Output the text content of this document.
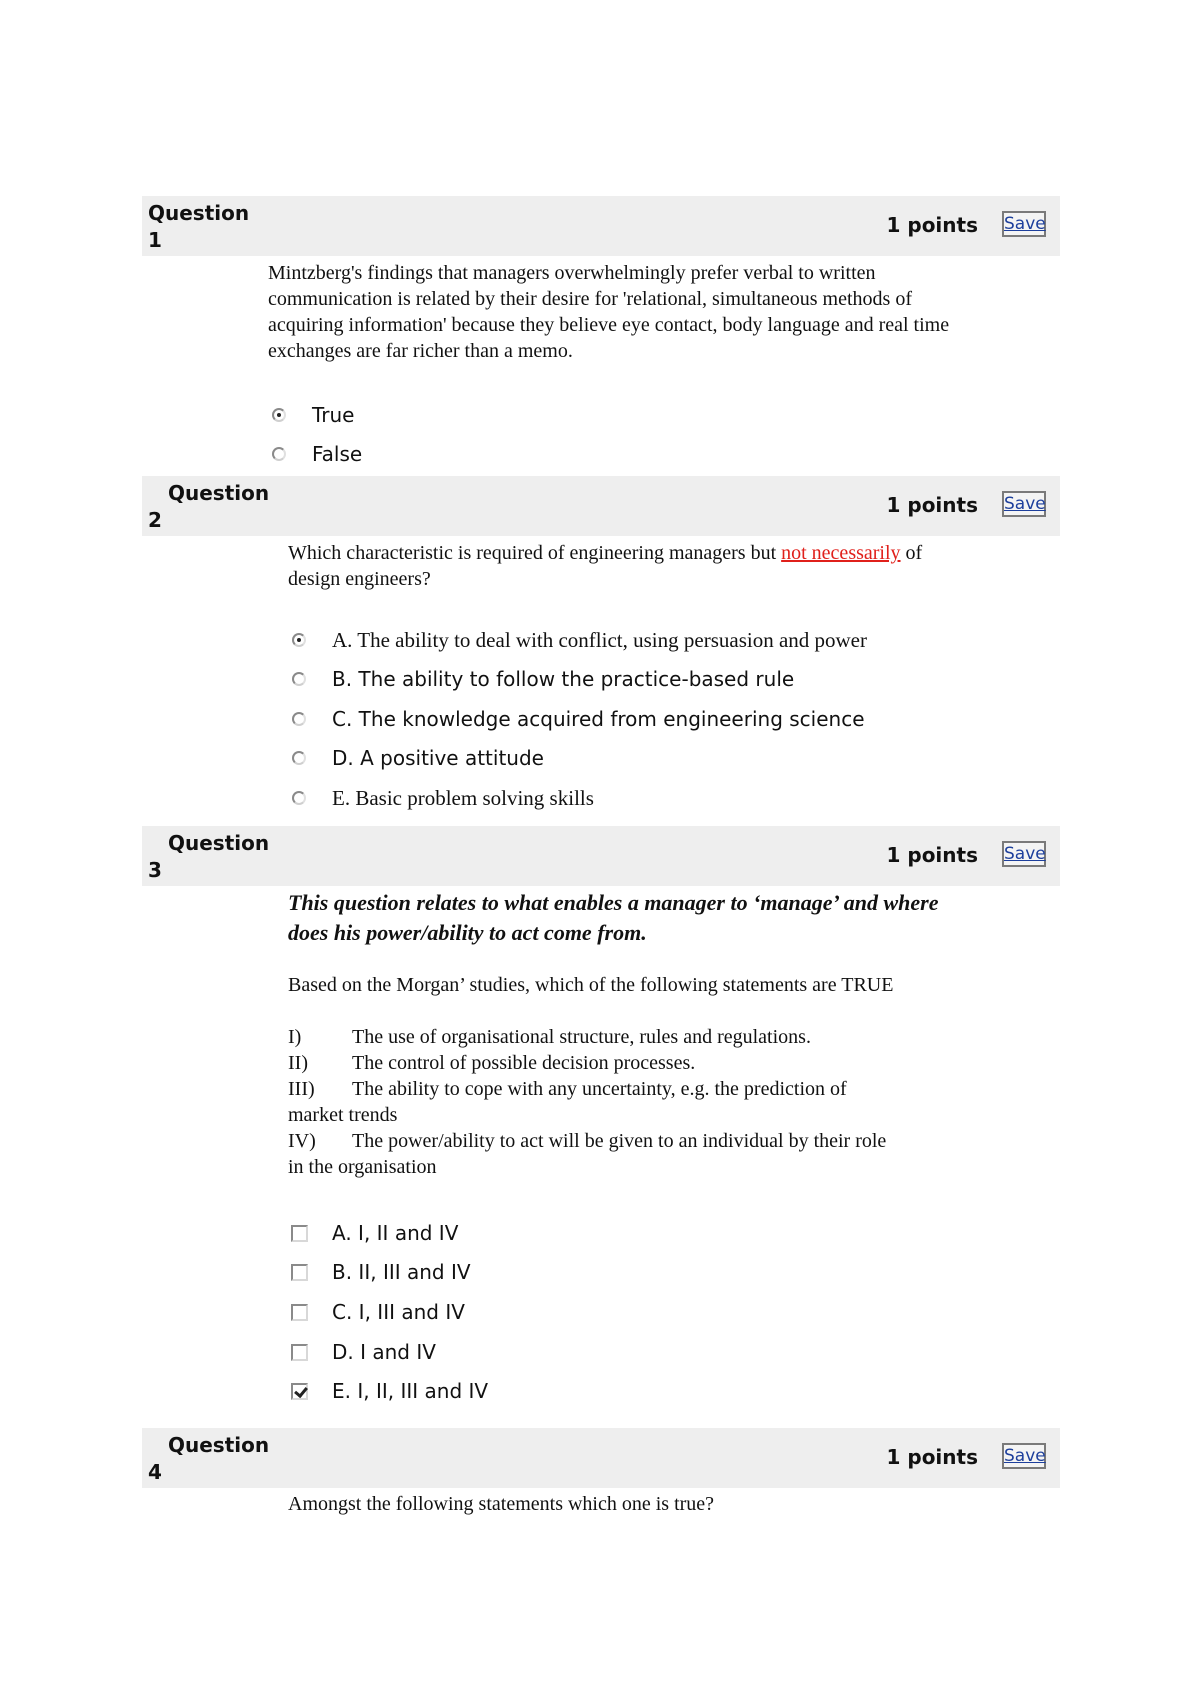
Question
1
1 points Save
Mintzberg's findings that managers overwhelmingly prefer verbal to written communication is related by their desire for 'relational, simultaneous methods of acquiring information' because they believe eye contact, body language and real time exchanges are far richer than a memo.
True
False
Question
2
1 points Save
Which characteristic is required of engineering managers but not necessarily of design engineers?
A. The ability to deal with conflict, using persuasion and power
B. The ability to follow the practice-based rule
C. The knowledge acquired from engineering science
D. A positive attitude
E. Basic problem solving skills
Question
3
1 points Save
This question relates to what enables a manager to ‘manage’ and where does his power/ability to act come from.
Based on the Morgan’ studies, which of the following statements are TRUE
I)	The use of organisational structure, rules and regulations.
II) The control of possible decision processes.
III) The ability to cope with any uncertainty, e.g. the prediction of
market trends
IV) The power/ability to act will be given to an individual by their role
in the organisation
A. I, II and IV
B. II, III and IV
C. I, III and IV
D. I and IV
E. I, II, III and IV
Question
4
1 points Save
Amongst the following statements which one is true?
